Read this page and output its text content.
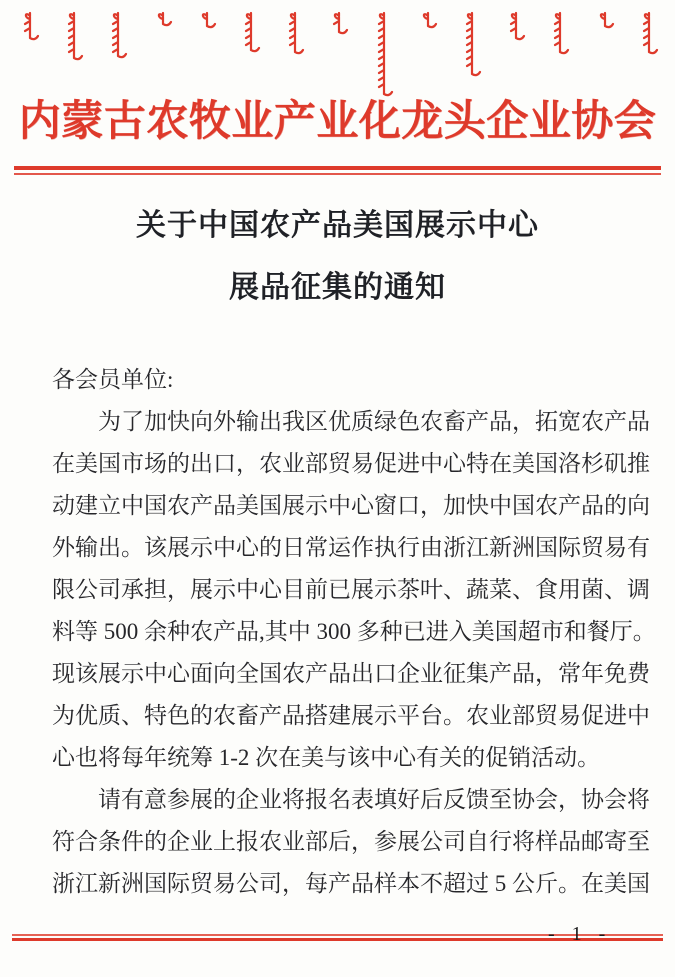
内蒙古农牧业产业化龙头企业协会
关于中国农产品美国展示中心
展品征集的通知
各会员单位:
为了加快向外输出我区优质绿色农畜产品，拓宽农产品
在美国市场的出口，农业部贸易促进中心特在美国洛杉矶推
动建立中国农产品美国展示中心窗口，加快中国农产品的向
外输出。该展示中心的日常运作执行由浙江新洲国际贸易有
限公司承担，展示中心目前已展示茶叶、蔬菜、食用菌、调
料等 500 余种农产品,其中 300 多种已进入美国超市和餐厅。
现该展示中心面向全国农产品出口企业征集产品，常年免费
为优质、特色的农畜产品搭建展示平台。农业部贸易促进中
心也将每年统筹 1-2 次在美与该中心有关的促销活动。
请有意参展的企业将报名表填好后反馈至协会，协会将
符合条件的企业上报农业部后，参展公司自行将样品邮寄至
浙江新洲国际贸易公司，每产品样本不超过 5 公斤。在美国
- 1 -
